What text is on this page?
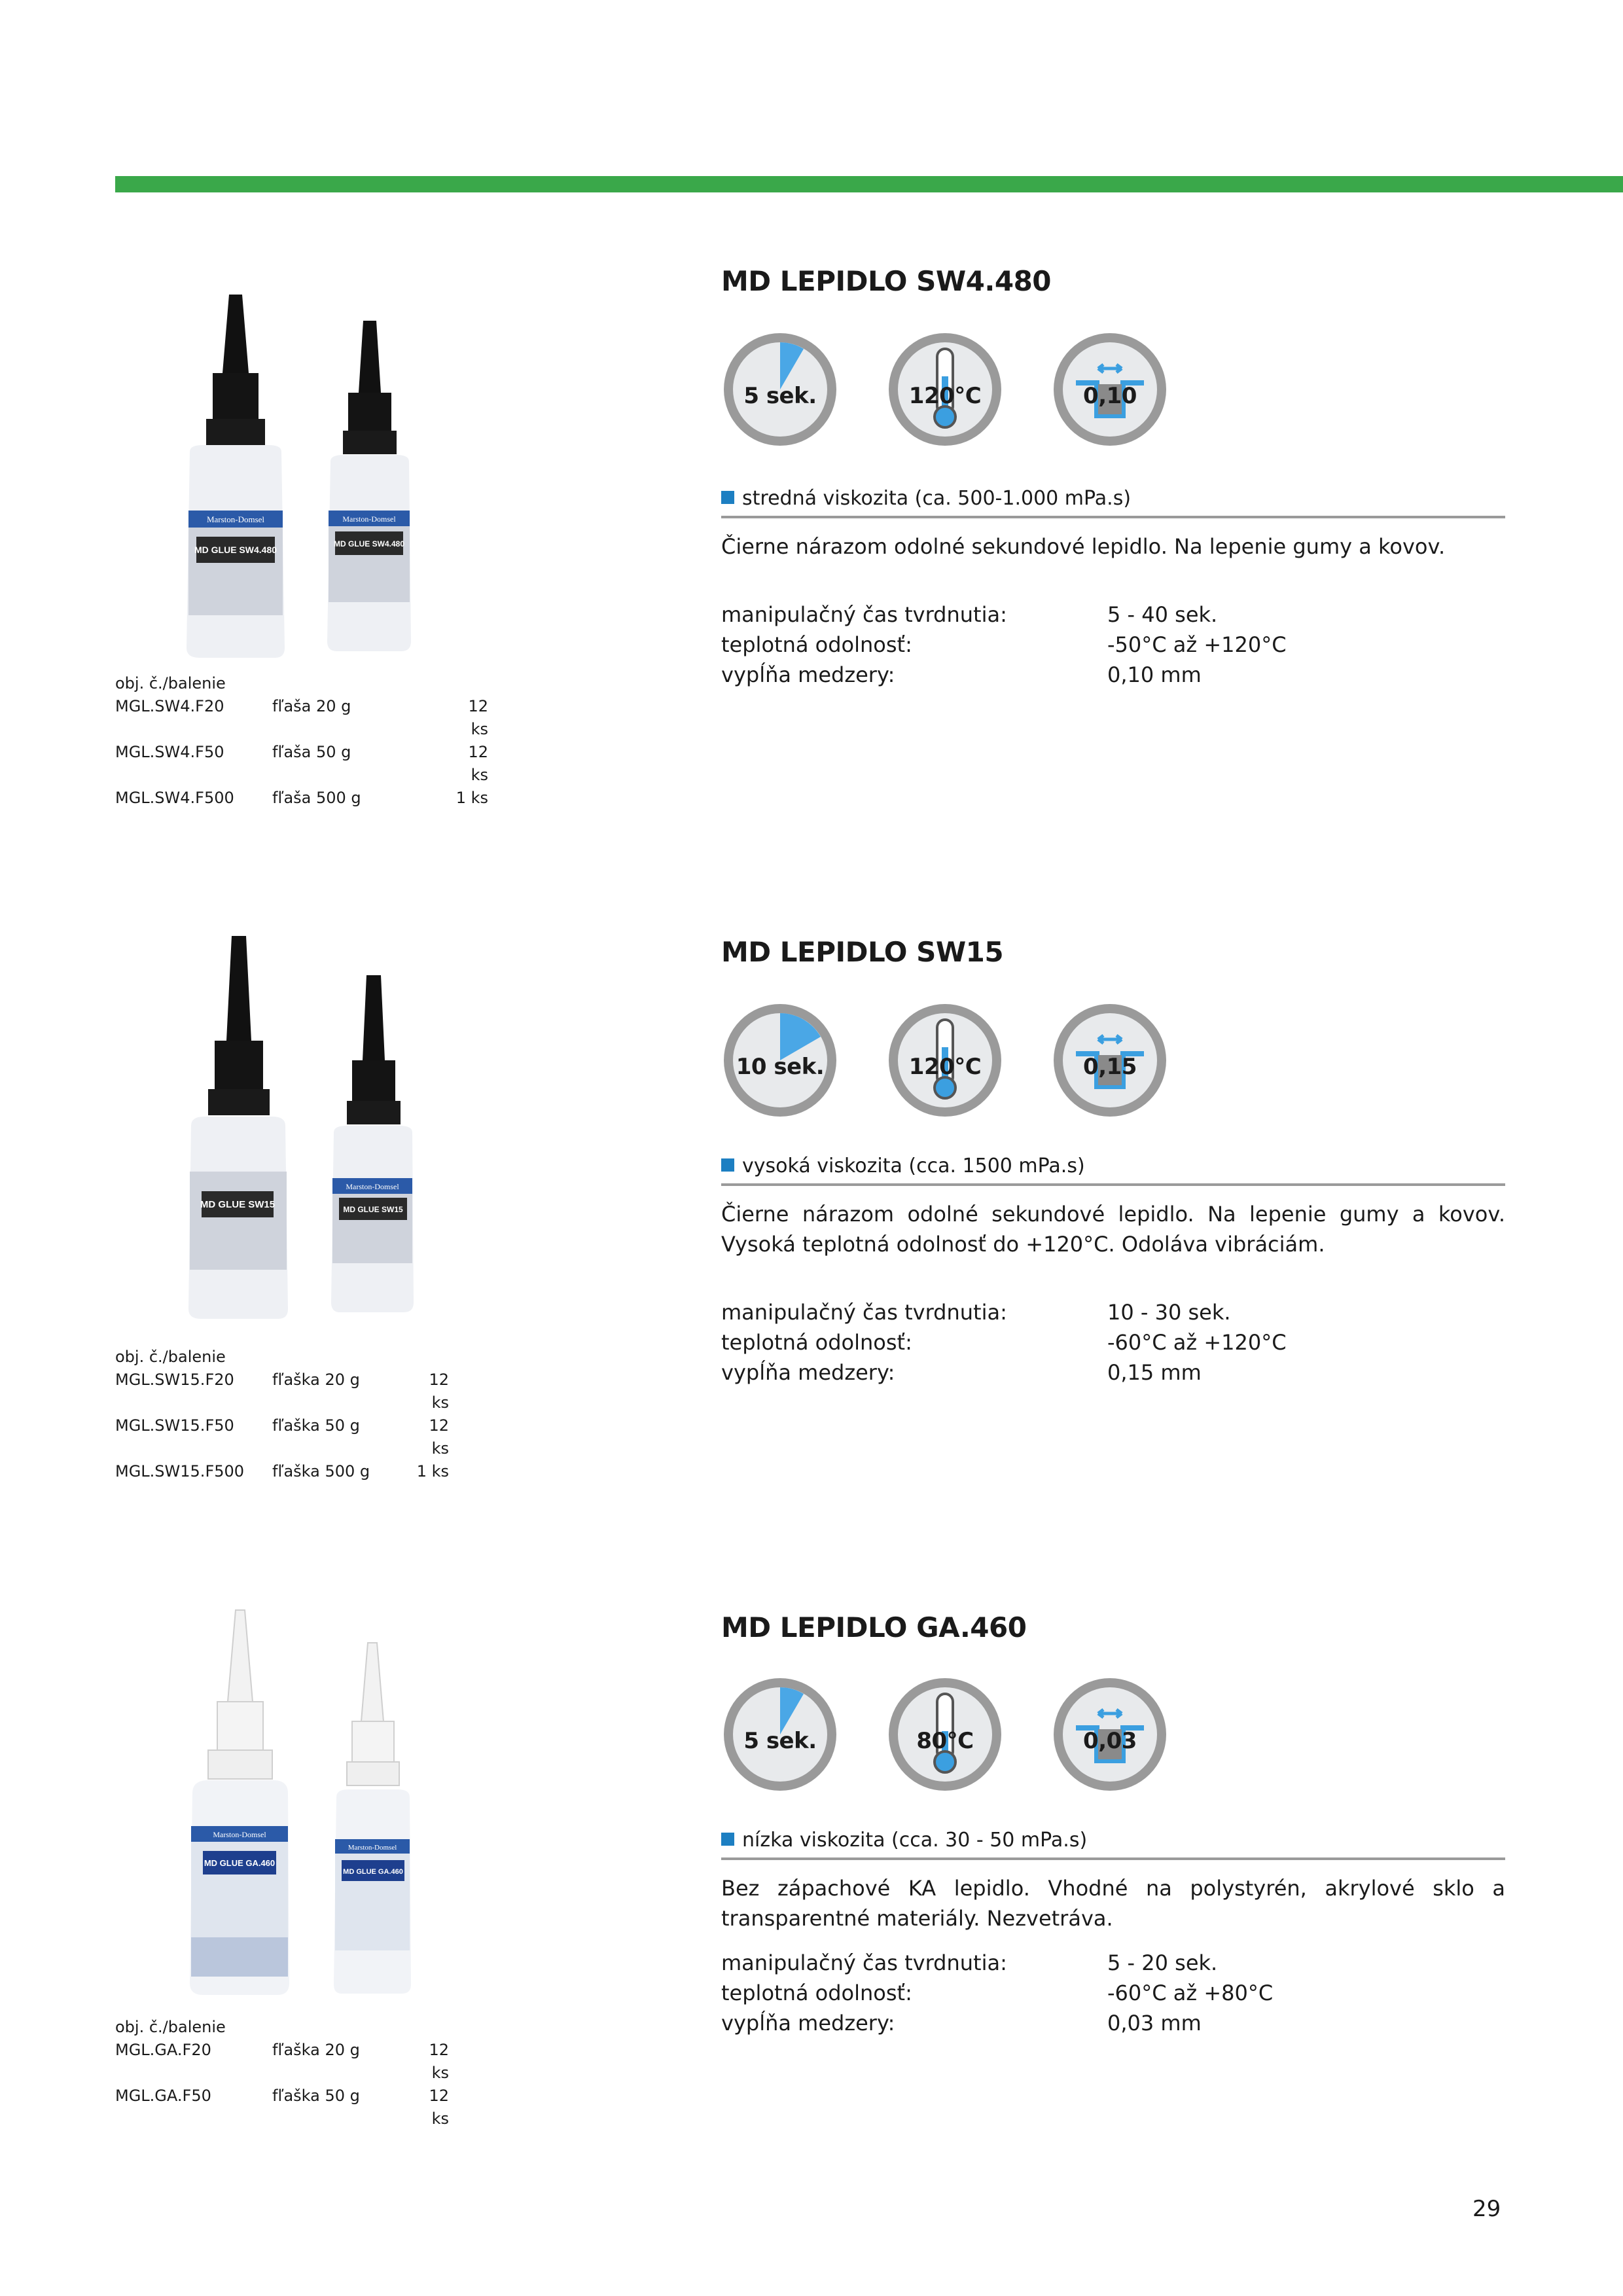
Marston-Domsel
MD GLUE SW4.480
Marston-Domsel
MD GLUE SW4.480
obj. č./balenie
MGL.SW4.F20	fľaša 20 g	12 ks
MGL.SW4.F50	fľaša 50 g	12 ks
MGL.SW4.F500	fľaša 500 g	1 ks
MD LEPIDLO SW4.480
5 sek.	120°C	0,10
stredná viskozita (ca. 500-1.000 mPa.s)
Čierne nárazom odolné sekundové lepidlo. Na lepenie gumy a kovov.
manipulačný čas tvrdnutia:	5 - 40 sek.
teplotná odolnosť:	-50°C až +120°C
vypĺňa medzery:	0,10 mm
MD GLUE SW15
Marston-Domsel
MD GLUE SW15
obj. č./balenie
MGL.SW15.F20	fľaška 20 g	12 ks
MGL.SW15.F50	fľaška 50 g	12 ks
MGL.SW15.F500	fľaška 500 g	1 ks
MD LEPIDLO SW15
10 sek.	120°C	0,15
vysoká viskozita (cca. 1500 mPa.s)
Čierne nárazom odolné sekundové lepidlo. Na lepenie gumy a kovov. Vysoká teplotná odolnosť do +120°C. Odoláva vibráciám.
manipulačný čas tvrdnutia:	10 - 30 sek.
teplotná odolnosť:	-60°C až +120°C
vypĺňa medzery:	0,15 mm
Marston-Domsel
MD GLUE GA.460
Marston-Domsel
MD GLUE GA.460
obj. č./balenie
MGL.GA.F20	fľaška 20 g	12 ks
MGL.GA.F50	fľaška 50 g	12 ks
MD LEPIDLO GA.460
5 sek.	80°C	0,03
nízka viskozita (cca. 30 - 50 mPa.s)
Bez zápachové KA lepidlo. Vhodné na polystyrén, akrylové sklo a transparentné materiály. Nezvetráva.
manipulačný čas tvrdnutia:	5 - 20 sek.
teplotná odolnosť:	-60°C až +80°C
vypĺňa medzery:	0,03 mm
29
